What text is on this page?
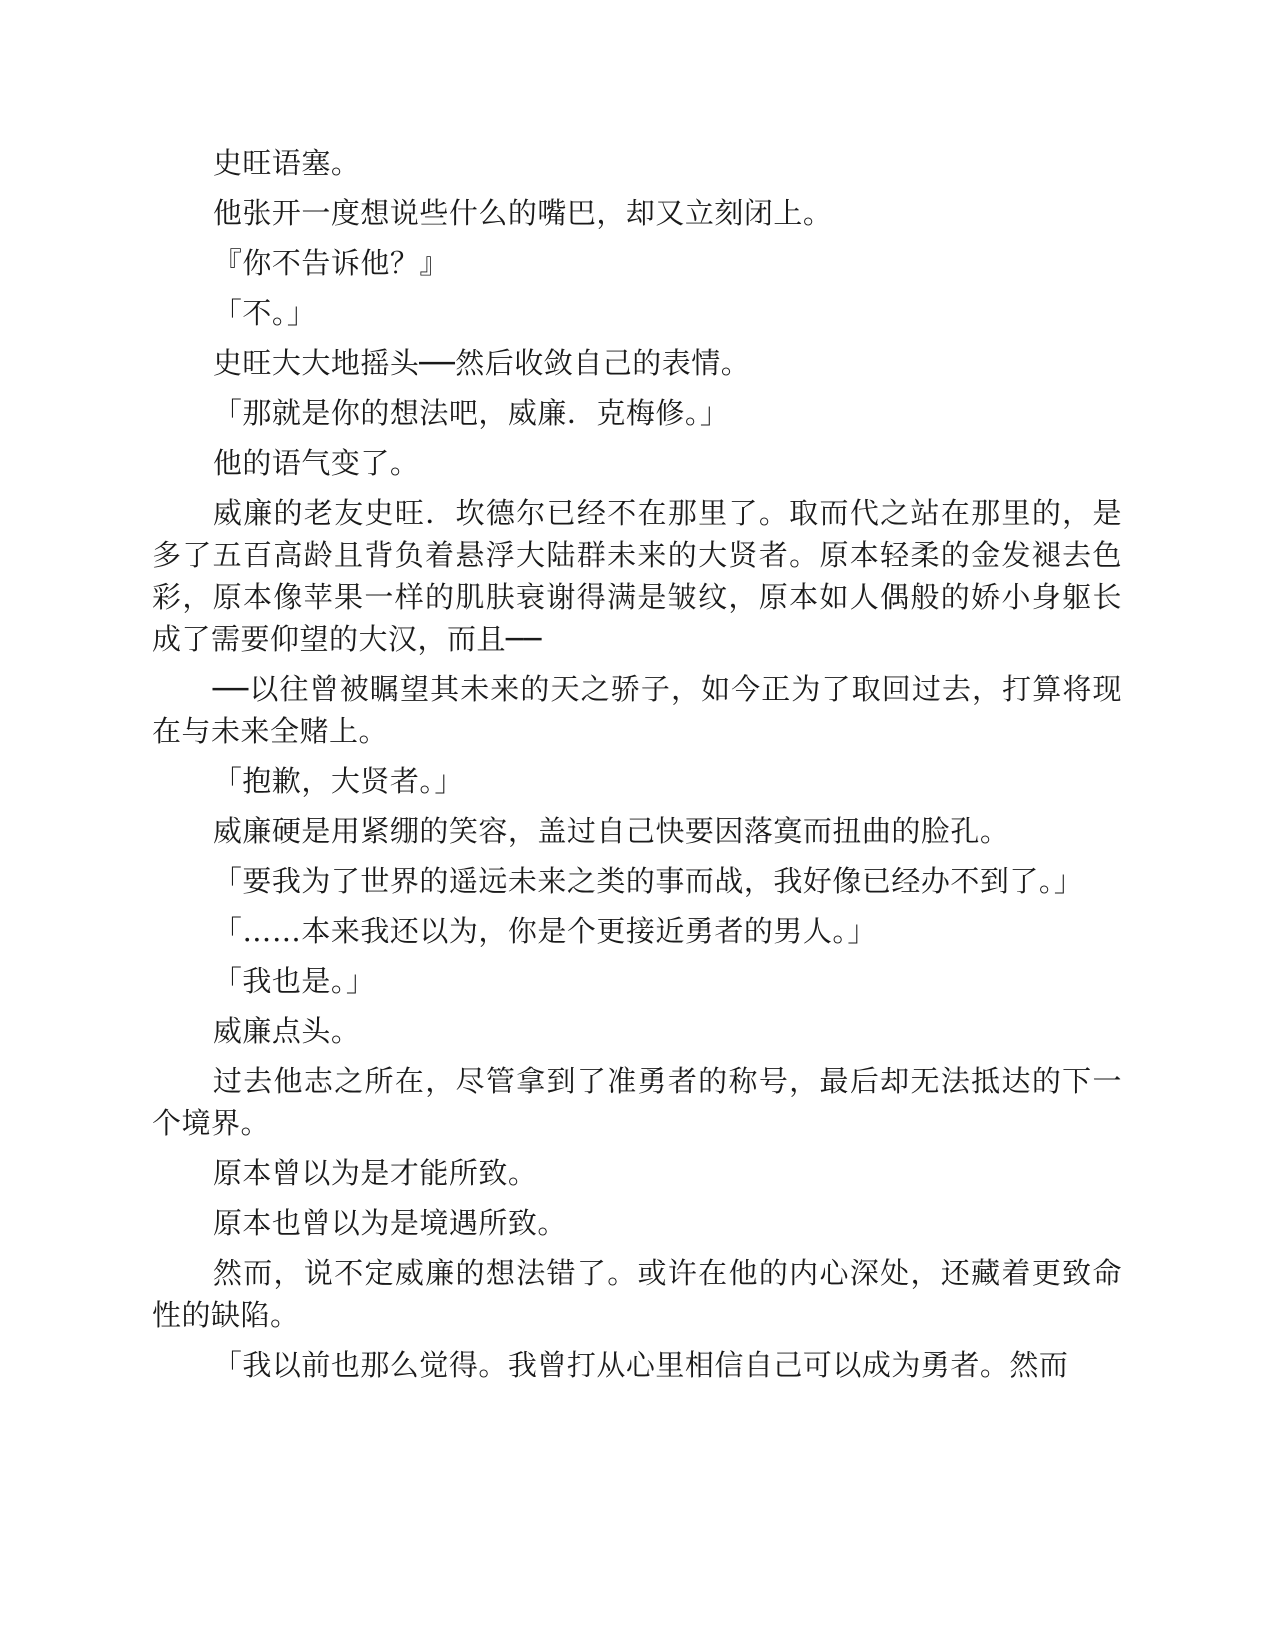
史旺语塞。

他张开一度想说些什么的嘴巴，却又立刻闭上。

『你不告诉他？』

「不。」

史旺大大地摇头──然后收敛自己的表情。

「那就是你的想法吧，威廉．克梅修。」

他的语气变了。

威廉的老友史旺．坎德尔已经不在那里了。取而代之站在那里的，是多了五百高龄且背负着悬浮大陆群未来的大贤者。原本轻柔的金发褪去色彩，原本像苹果一样的肌肤衰谢得满是皱纹，原本如人偶般的娇小身躯长成了需要仰望的大汉，而且──

──以往曾被瞩望其未来的天之骄子，如今正为了取回过去，打算将现在与未来全赌上。

「抱歉，大贤者。」

威廉硬是用紧绷的笑容，盖过自己快要因落寞而扭曲的脸孔。

「要我为了世界的遥远未来之类的事而战，我好像已经办不到了。」

「……本来我还以为，你是个更接近勇者的男人。」

「我也是。」

威廉点头。

过去他志之所在，尽管拿到了准勇者的称号，最后却无法抵达的下一个境界。

原本曾以为是才能所致。

原本也曾以为是境遇所致。

然而，说不定威廉的想法错了。或许在他的内心深处，还藏着更致命性的缺陷。

「我以前也那么觉得。我曾打从心里相信自己可以成为勇者。然而
